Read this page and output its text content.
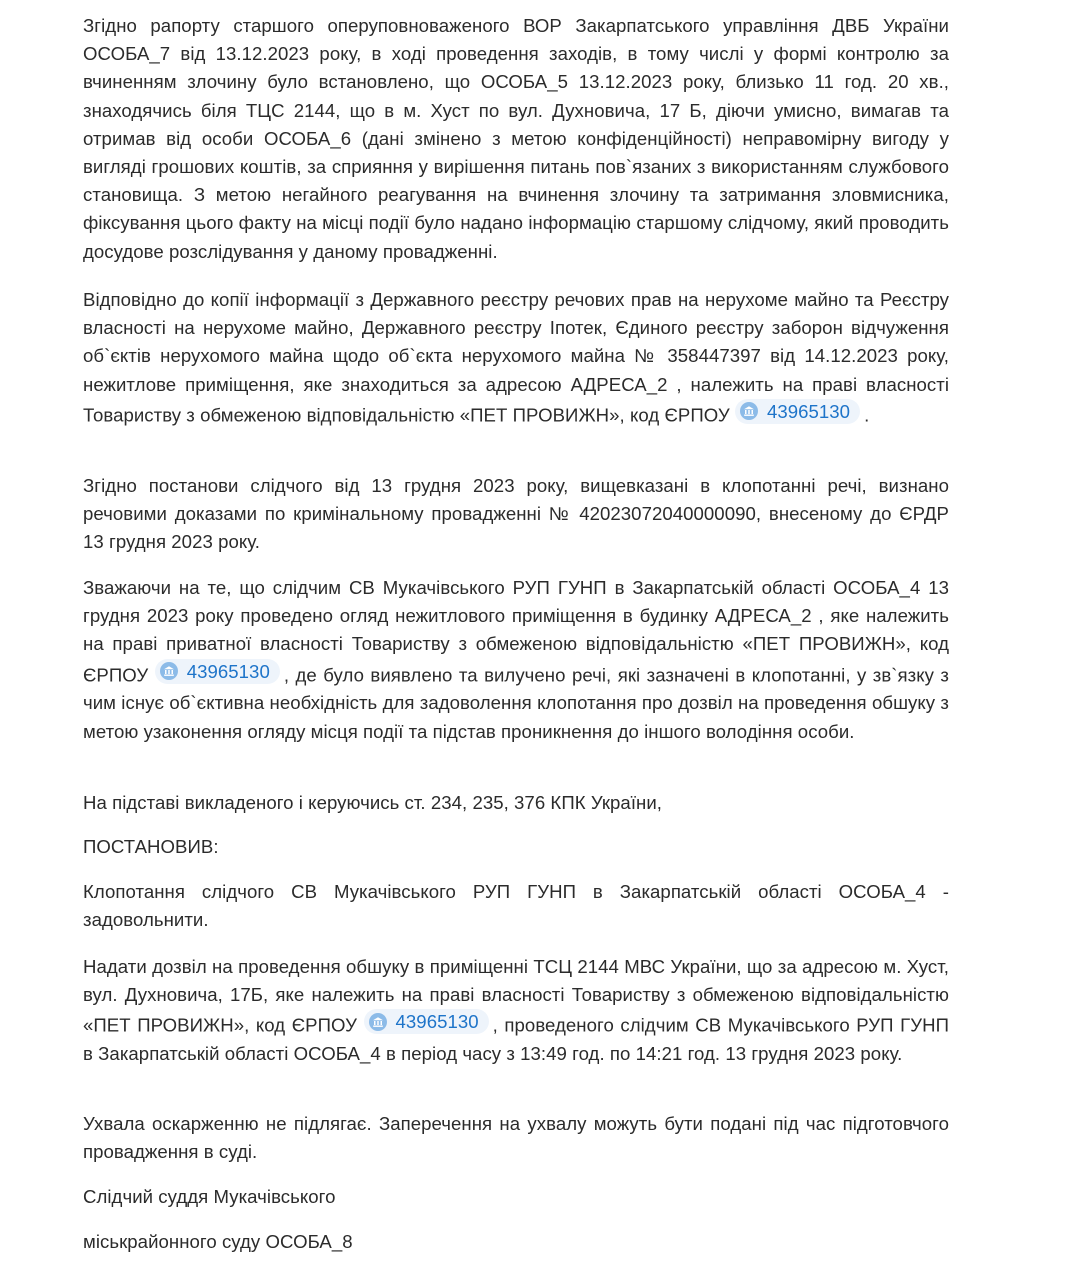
Згідно рапорту старшого оперуповноваженого ВОР Закарпатського управління ДВБ України ОСОБА_7 від 13.12.2023 року, в ході проведення заходів, в тому числі у формі контролю за вчиненням злочину було встановлено, що ОСОБА_5 13.12.2023 року, близько 11 год. 20 хв., знаходячись біля ТЦС 2144, що в м. Хуст по вул. Духновича, 17 Б, діючи умисно, вимагав та отримав від особи ОСОБА_6 (дані змінено з метою конфіденційності) неправомірну вигоду у вигляді грошових коштів, за сприяння у вирішення питань пов`язаних з використанням службового становища. З метою негайного реагування на вчинення злочину та затримання зловмисника, фіксування цього факту на місці події було надано інформацію старшому слідчому, який проводить досудове розслідування у даному провадженні.

Відповідно до копії інформації з Державного реєстру речових прав на нерухоме майно та Реєстру власності на нерухоме майно, Державного реєстру Іпотек, Єдиного реєстру заборон відчуження об`єктів нерухомого майна щодо об`єкта нерухомого майна № 358447397 від 14.12.2023 року, нежитлове приміщення, яке знаходиться за адресою АДРЕСА_2 , належить на праві власності Товариству з обмеженою відповідальністю «ПЕТ ПРОВИЖН», код ЄРПОУ 43965130 .

Згідно постанови слідчого від 13 грудня 2023 року, вищевказані в клопотанні речі, визнано речовими доказами по кримінальному провадженні № 42023072040000090, внесеному до ЄРДР 13 грудня 2023 року.

Зважаючи на те, що слідчим СВ Мукачівського РУП ГУНП в Закарпатській області ОСОБА_4 13 грудня 2023 року проведено огляд нежитлового приміщення в будинку АДРЕСА_2 , яке належить на праві приватної власності Товариству з обмеженою відповідальністю «ПЕТ ПРОВИЖН», код ЄРПОУ 43965130 , де було виявлено та вилучено речі, які зазначені в клопотанні, у зв`язку з чим існує об`єктивна необхідність для задоволення клопотання про дозвіл на проведення обшуку з метою узаконення огляду місця події та підстав проникнення до іншого володіння особи.

На підставі викладеного і керуючись ст. 234, 235, 376 КПК України,

ПОСТАНОВИВ:

Клопотання слідчого СВ Мукачівського РУП ГУНП в Закарпатській області ОСОБА_4 - задовольнити.

Надати дозвіл на проведення обшуку в приміщенні ТСЦ 2144 МВС України, що за адресою м. Хуст, вул. Духновича, 17Б, яке належить на праві власності Товариству з обмеженою відповідальністю «ПЕТ ПРОВИЖН», код ЄРПОУ 43965130 , проведеного слідчим СВ Мукачівського РУП ГУНП в Закарпатській області ОСОБА_4 в період часу з 13:49 год. по 14:21 год. 13 грудня 2023 року.

Ухвала оскарженню не підлягає. Заперечення на ухвалу можуть бути подані під час підготовчого провадження в суді.

Слідчий суддя Мукачівського

міськрайонного суду ОСОБА_8
